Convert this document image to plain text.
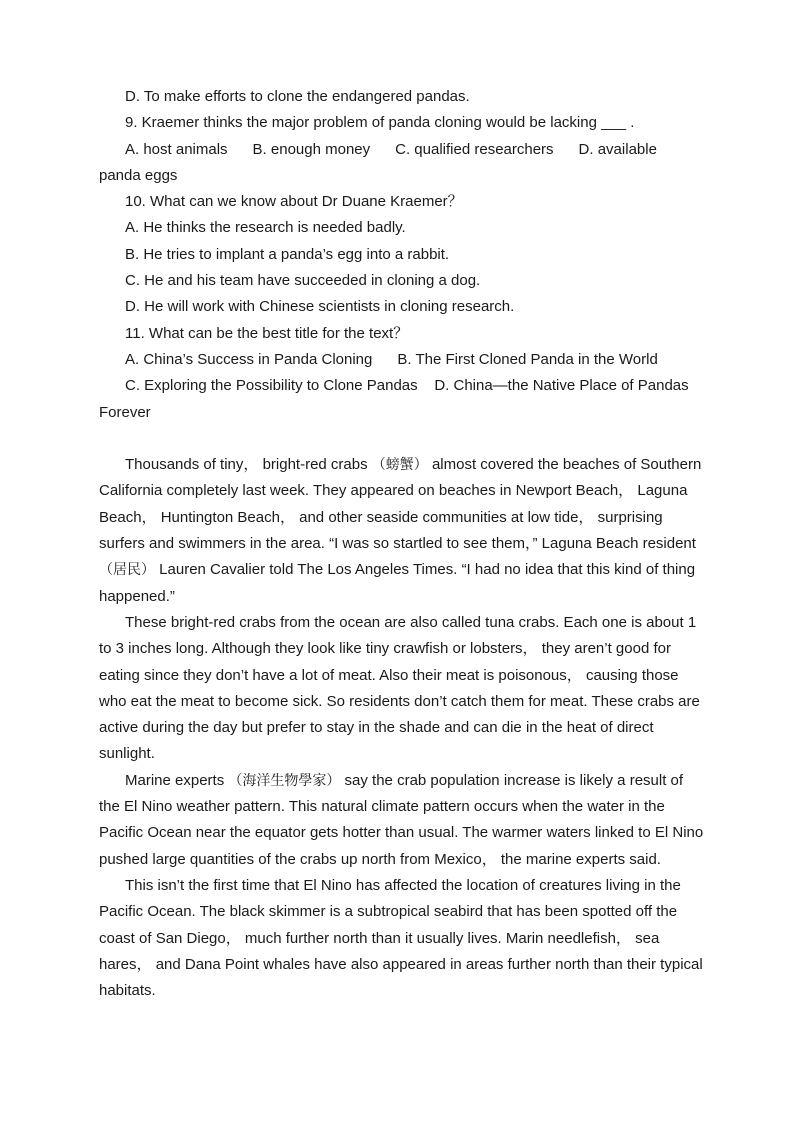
D. To make efforts to clone the endangered pandas.

9. Kraemer thinks the major problem of panda cloning would be lacking ___ .

A. host animals      B. enough money      C. qualified researchers      D. available

panda eggs

10. What can we know about Dr Duane Kraemer？

A. He thinks the research is needed badly.

B. He tries to implant a panda’s egg into a rabbit.

C. He and his team have succeeded in cloning a dog.

D. He will work with Chinese scientists in cloning research.

11. What can be the best title for the text？

A. China’s Success in Panda Cloning      B. The First Cloned Panda in the World

C. Exploring the Possibility to Clone Pandas    D. China—the Native Place of Pandas

Forever

Thousands of tiny， bright-red crabs （螃蟹） almost covered the beaches of Southern California completely last week. They appeared on beaches in Newport Beach， Laguna Beach， Huntington Beach， and other seaside communities at low tide， surprising surfers and swimmers in the area. “I was so startled to see them，” Laguna Beach resident （居民） Lauren Cavalier told The Los Angeles Times. “I had no idea that this kind of thing happened.”

These bright-red crabs from the ocean are also called tuna crabs. Each one is about 1 to 3 inches long. Although they look like tiny crawfish or lobsters， they aren’t good for eating since they don’t have a lot of meat. Also their meat is poisonous， causing those who eat the meat to become sick. So residents don’t catch them for meat. These crabs are active during the day but prefer to stay in the shade and can die in the heat of direct sunlight.

Marine experts （海洋生物學家） say the crab population increase is likely a result of the El Nino weather pattern. This natural climate pattern occurs when the water in the Pacific Ocean near the equator gets hotter than usual. The warmer waters linked to El Nino pushed large quantities of the crabs up north from Mexico， the marine experts said.

This isn’t the first time that El Nino has affected the location of creatures living in the Pacific Ocean. The black skimmer is a subtropical seabird that has been spotted off the coast of San Diego， much further north than it usually lives. Marin needlefish， sea hares， and Dana Point whales have also appeared in areas further north than their typical habitats.
